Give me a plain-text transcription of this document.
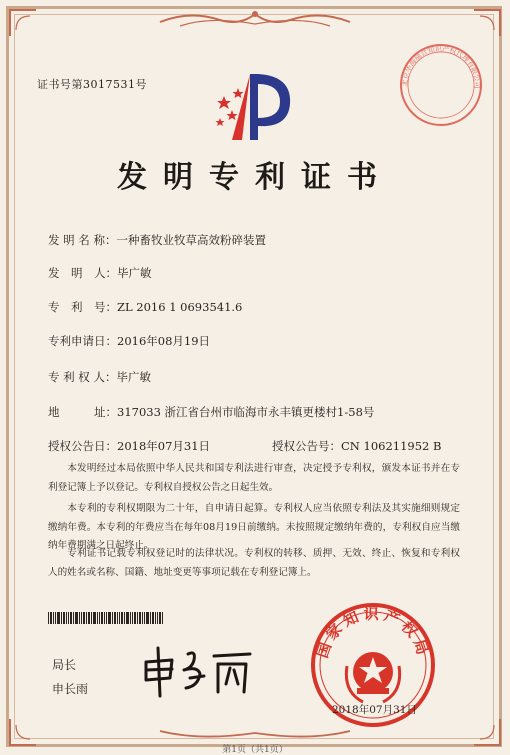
证书号第3017531号	北京华海瑞合知识产权代理有限公司
发明专利证书
发 明 名 称：一种畜牧业牧草高效粉碎装置
发　明　人：毕广敏
专　利　号：ZL 2016 1 0693541.6
专利申请日：2016年08月19日
专 利 权 人：毕广敏
地　　　址：317033 浙江省台州市临海市永丰镇更楼村1-58号
授权公告日：2018年07月31日	授权公告号：CN 106211952 B
本发明经过本局依照中华人民共和国专利法进行审查，决定授予专利权，颁发本证书并在专利登记簿上予以登记。专利权自授权公告之日起生效。
本专利的专利权期限为二十年，自申请日起算。专利权人应当依照专利法及其实施细则规定缴纳年费。本专利的年费应当在每年08月19日前缴纳。未按照规定缴纳年费的，专利权自应当缴纳年费期满之日起终止。
专利证书记载专利权登记时的法律状况。专利权的转移、质押、无效、终止、恢复和专利权人的姓名或名称、国籍、地址变更等事项记载在专利登记簿上。
局长
申长雨
国家知识产权局
2018年07月31日
第1页（共1页）
